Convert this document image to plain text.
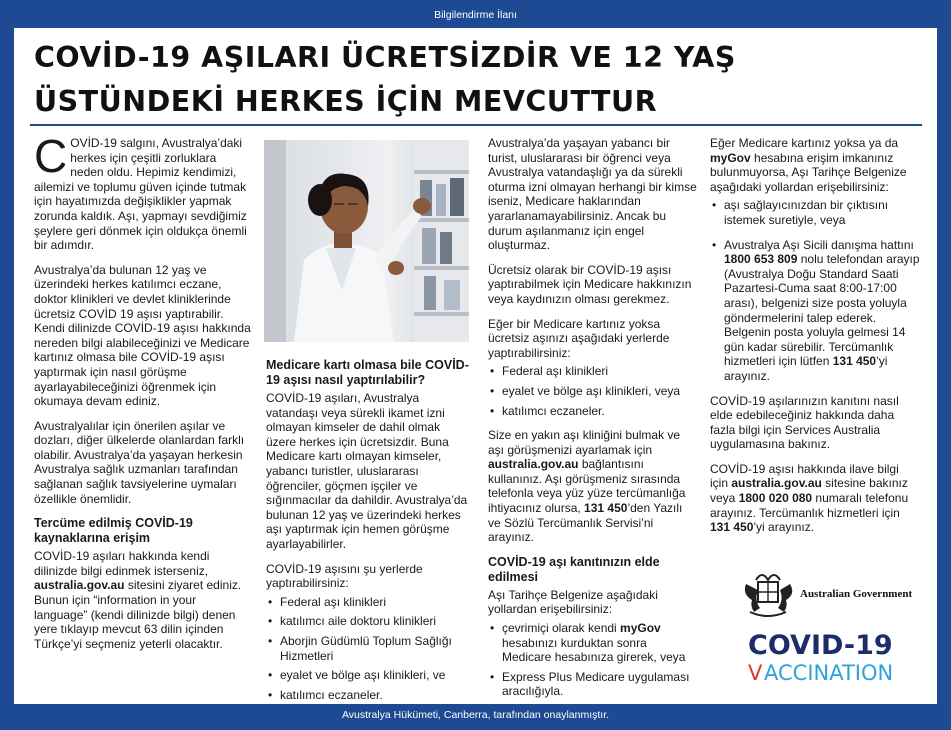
Bilgilendirme İlanı
COVİD-19 AŞILARI ÜCRETSİZDİR VE 12 YAŞ
ÜSTÜNDEKİ HERKES İÇİN MEVCUTTUR

COVİD-19 salgını, Avustralya’daki herkes için çeşitli zorluklara neden oldu. Hepimiz kendimizi, ailemizi ve toplumu güven içinde tutmak için hayatımızda değişiklikler yapmak zorunda kaldık. Aşı, yapmayı sevdiğimiz şeylere geri dönmek için oldukça önemli bir adımdır.

Avustralya’da bulunan 12 yaş ve üzerindeki herkes katılımcı eczane, doktor klinikleri ve devlet kliniklerinde ücretsiz COVİD 19 aşısı yaptırabilir. Kendi dilinizde COVİD-19 aşısı hakkında nereden bilgi alabileceğinizi ve Medicare kartınız olmasa bile COVİD-19 aşısı yaptırmak için nasıl görüşme ayarlayabileceğinizi öğrenmek için okumaya devam ediniz.

Avustralyalılar için önerilen aşılar ve dozları, diğer ülkelerde olanlardan farklı olabilir. Avustralya’da yaşayan herkesin Avustralya sağlık uzmanları tarafından sağlanan sağlık tavsiyelerine uymaları özellikle önemlidir.

Tercüme edilmiş COVİD-19 kaynaklarına erişim

COVİD-19 aşıları hakkında kendi dilinizde bilgi edinmek isterseniz, australia.gov.au sitesini ziyaret ediniz. Bunun için “information in your language” (kendi dilinizde bilgi) denen yere tıklayıp mevcut 63 dilin içinden Türkçe’yi seçmeniz yeterli olacaktır.

Medicare kartı olmasa bile COVİD-19 aşısı nasıl yaptırılabilir?

COVİD-19 aşıları, Avustralya vatandaşı veya sürekli ikamet izni olmayan kimseler de dahil olmak üzere herkes için ücretsizdir. Buna Medicare kartı olmayan kimseler, yabancı turistler, uluslararası öğrenciler, göçmen işçiler ve sığınmacılar da dahildir. Avustralya’da bulunan 12 yaş ve üzerindeki herkes aşı yaptırmak için hemen görüşme ayarlayabilirler.

COVİD-19 aşısını şu yerlerde yaptırabilirsiniz:

• Federal aşı klinikleri
• katılımcı aile doktoru klinikleri
• Aborjin Güdümlü Toplum Sağlığı Hizmetleri
• eyalet ve bölge aşı klinikleri, ve
• katılımcı eczaneler.

Avustralya’da yaşayan yabancı bir turist, uluslararası bir öğrenci veya Avustralya vatandaşlığı ya da sürekli oturma izni olmayan herhangi bir kimse iseniz, Medicare haklarından yararlanamayabilirsiniz. Ancak bu durum aşılanmanız için engel oluşturmaz.

Ücretsiz olarak bir COVİD-19 aşısı yaptırabilmek için Medicare hakkınızın veya kaydınızın olması gerekmez.

Eğer bir Medicare kartınız yoksa ücretsiz aşınızı aşağıdaki yerlerde yaptırabilirsiniz:

• Federal aşı klinikleri
• eyalet ve bölge aşı klinikleri, veya
• katılımcı eczaneler.

Size en yakın aşı kliniğini bulmak ve aşı görüşmenizi ayarlamak için australia.gov.au bağlantısını kullanınız. Aşı görüşmeniz sırasında telefonla veya yüz yüze tercümanlığa ihtiyacınız olursa, 131 450’den Yazılı ve Sözlü Tercümanlık Servisi’ni arayınız.

COVİD-19 aşı kanıtınızın elde edilmesi

Aşı Tarihçe Belgenize aşağıdaki yollardan erişebilirsiniz:

• çevrimiçi olarak kendi myGov hesabınızı kurduktan sonra Medicare hesabınıza girerek, veya
• Express Plus Medicare uygulaması aracılığıyla.

Eğer Medicare kartınız yoksa ya da myGov hesabına erişim imkanınız bulunmuyorsa, Aşı Tarihçe Belgenize aşağıdaki yollardan erişebilirsiniz:

• aşı sağlayıcınızdan bir çıktısını istemek suretiyle, veya
• Avustralya Aşı Sicili danışma hattını 1800 653 809 nolu telefondan arayıp (Avustralya Doğu Standard Saati Pazartesi-Cuma saat 8:00-17:00 arası), belgenizi size posta yoluyla göndermelerini talep ederek. Belgenin posta yoluyla gelmesi 14 gün kadar sürebilir. Tercümanlık hizmetleri için lütfen 131 450’yi arayınız.

COVİD-19 aşılarınızın kanıtını nasıl elde edebileceğiniz hakkında daha fazla bilgi için Services Australia uygulamasına bakınız.

COVİD-19 aşısı hakkında ilave bilgi için australia.gov.au sitesine bakınız veya 1800 020 080 numaralı telefonu arayınız. Tercümanlık hizmetleri için 131 450’yi arayınız.

Australian Government
COVID-19
V ACCINATION
Avustralya Hükümeti, Canberra, tarafından onaylanmıştır.
